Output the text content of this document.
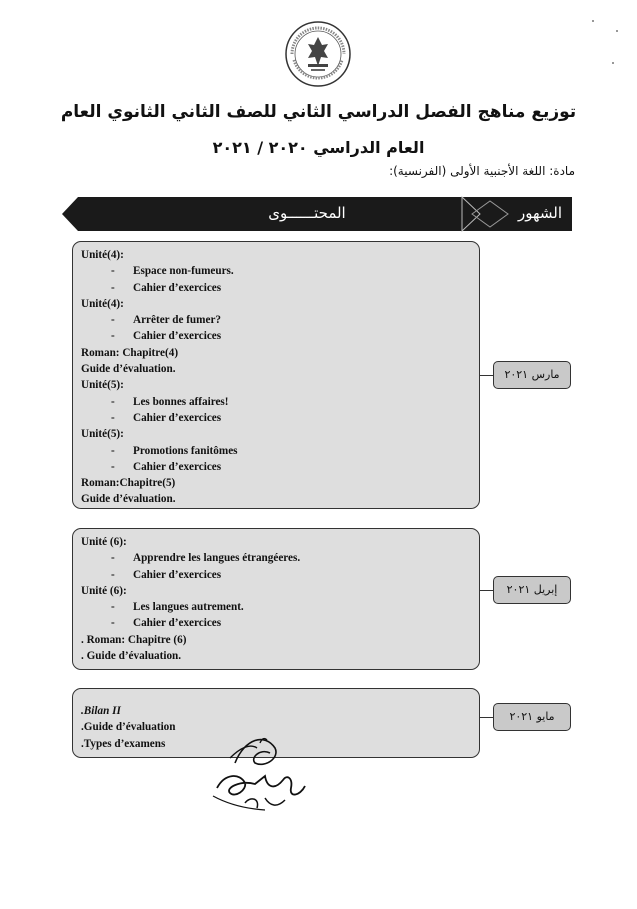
توزيع مناهج الفصل الدراسي الثاني للصف الثاني الثانوي العام
العام الدراسي ٢٠٢٠ / ٢٠٢١
مادة: اللغة الأجنبية الأولى (الفرنسية):
الشهور
المحتــــــوى
Unité(4):
- Espace non-fumeurs.
- Cahier d’exercices
Unité(4):
- Arrêter de fumer?
- Cahier d’exercices
Roman: Chapitre(4)
Guide d’évaluation.
Unité(5):
- Les bonnes affaires!
- Cahier d’exercices
Unité(5):
- Promotions fanitômes
- Cahier d’exercices
Roman:Chapitre(5)
Guide d’évaluation.
مارس ٢٠٢١
Unité (6):
- Apprendre les langues étrangéeres.
- Cahier d’exercices
Unité (6):
- Les langues autrement.
- Cahier d’exercices
. Roman: Chapitre (6)
. Guide d’évaluation.
إبريل ٢٠٢١
.Bilan II
.Guide d’évaluation
.Types d’examens
مايو ٢٠٢١
